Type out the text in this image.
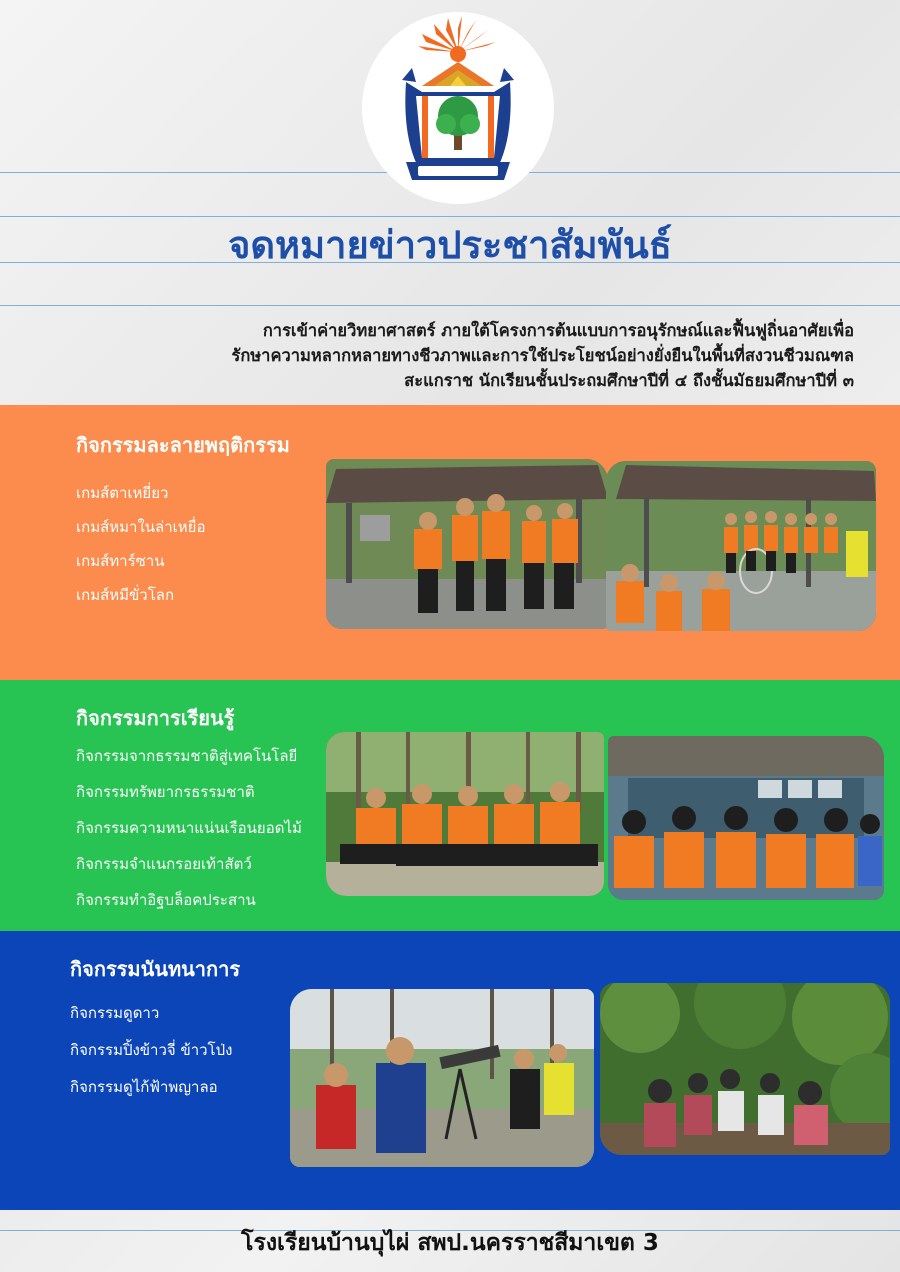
จดหมายข่าวประชาสัมพันธ์
การเข้าค่ายวิทยาศาสตร์ ภายใต้โครงการต้นแบบการอนุรักษณ์และฟื้นฟูถิ่นอาศัยเพื่อ
รักษาความหลากหลายทางชีวภาพและการใช้ประโยชน์อย่างยั่งยืนในพื้นที่สงวนชีวมณฑล
สะแกราช นักเรียนชั้นประถมศึกษาปีที่ ๔ ถึงชั้นมัธยมศึกษาปีที่ ๓
กิจกรรมละลายพฤติกรรม
เกมส์ตาเหยี่ยว
เกมส์หมาในล่าเหยื่อ
เกมส์ทาร์ซาน
เกมส์หมีขั่วโลก
กิจกรรมการเรียนรู้
กิจกรรมจากธรรมชาติสู่เทคโนโลยี
กิจกรรมทรัพยากรธรรมชาติ
กิจกรรมความหนาแน่นเรือนยอดไม้
กิจกรรมจำแนกรอยเท้าสัตว์
กิจกรรมทำอิฐบล็อคประสาน
กิจกรรมนันทนาการ
กิจกรรมดูดาว
กิจกรรมปิ้งข้าวจี่ ข้าวโป่ง
กิจกรรมดูไก้ฟ้าพญาลอ

โรงเรียนบ้านบุไผ่ สพป.นครราชสีมาเขต 3
